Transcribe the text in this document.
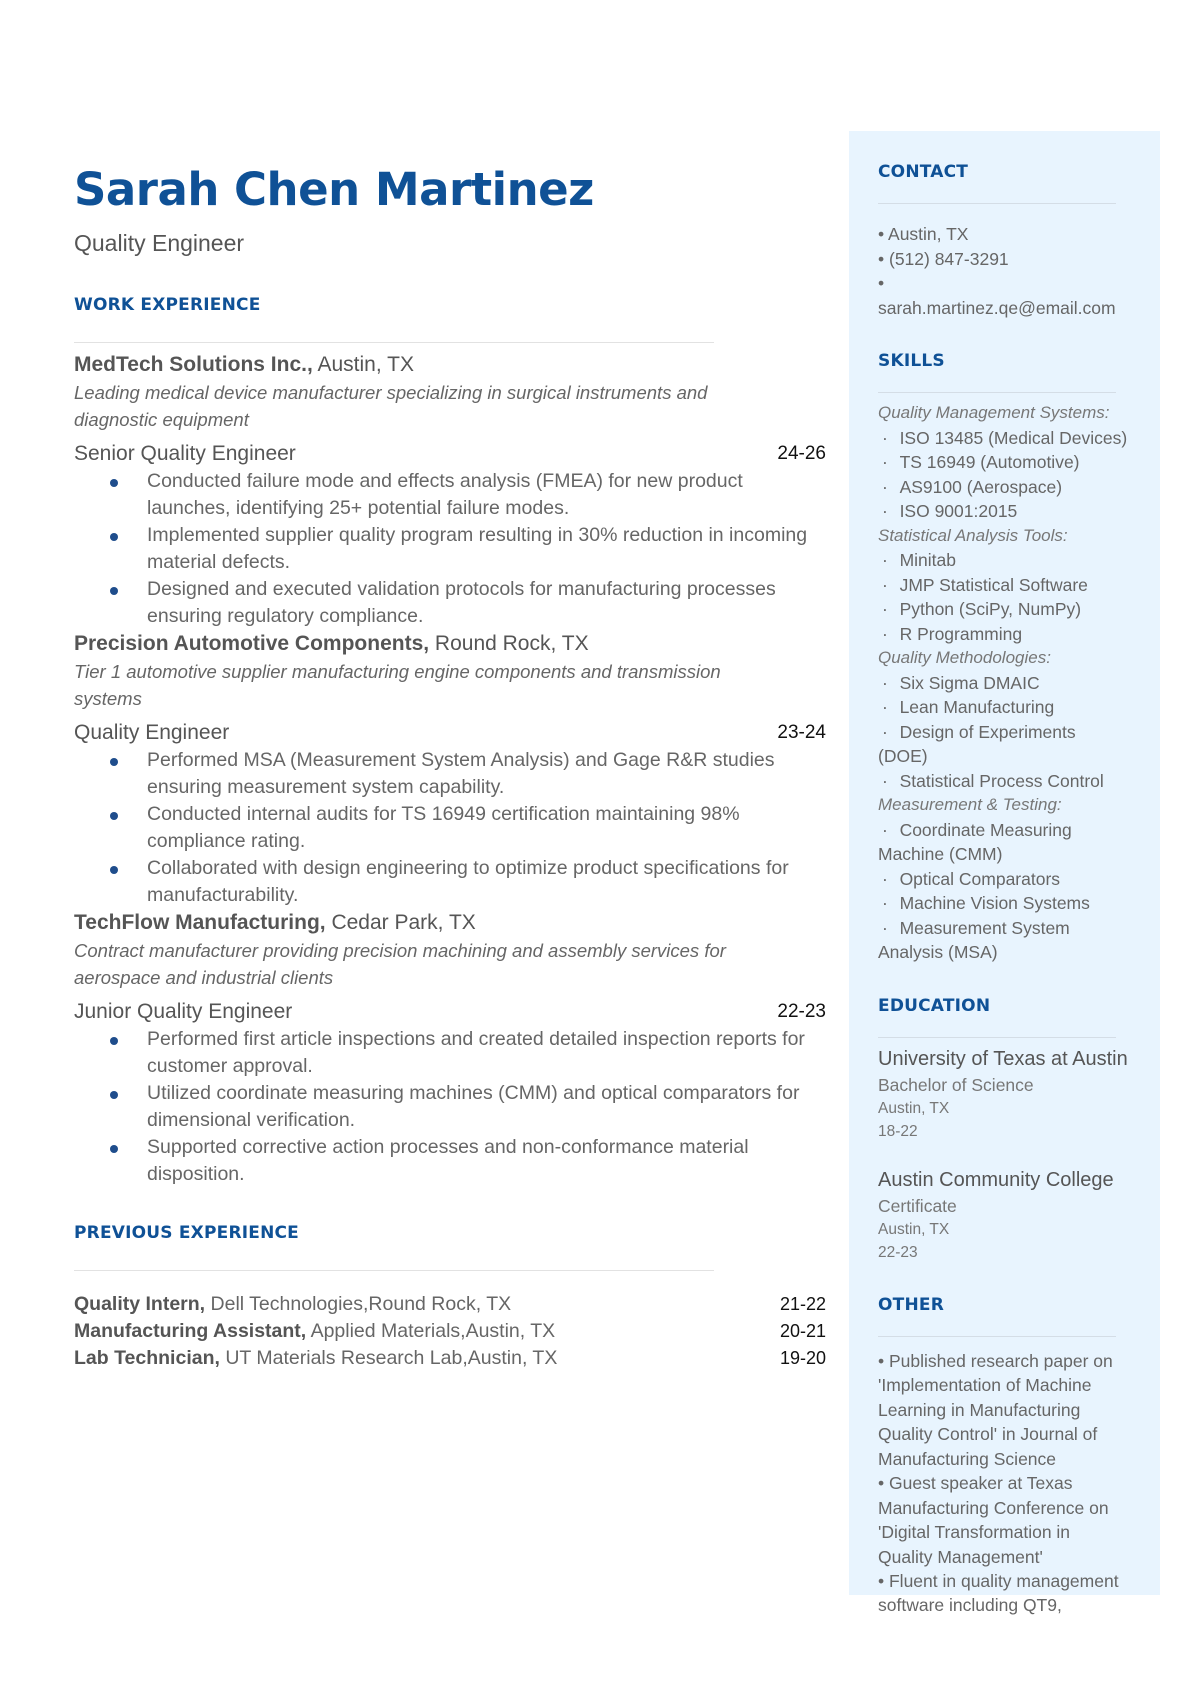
Sarah Chen Martinez
Quality Engineer
WORK EXPERIENCE
MedTech Solutions Inc., Austin, TX
Leading medical device manufacturer specializing in surgical instruments and diagnostic equipment
Senior Quality Engineer	24-26
Conducted failure mode and effects analysis (FMEA) for new product launches, identifying 25+ potential failure modes.
Implemented supplier quality program resulting in 30% reduction in incoming material defects.
Designed and executed validation protocols for manufacturing processes ensuring regulatory compliance.
Precision Automotive Components, Round Rock, TX
Tier 1 automotive supplier manufacturing engine components and transmission systems
Quality Engineer	23-24
Performed MSA (Measurement System Analysis) and Gage R&R studies ensuring measurement system capability.
Conducted internal audits for TS 16949 certification maintaining 98% compliance rating.
Collaborated with design engineering to optimize product specifications for manufacturability.
TechFlow Manufacturing, Cedar Park, TX
Contract manufacturer providing precision machining and assembly services for aerospace and industrial clients
Junior Quality Engineer	22-23
Performed first article inspections and created detailed inspection reports for customer approval.
Utilized coordinate measuring machines (CMM) and optical comparators for dimensional verification.
Supported corrective action processes and non-conformance material disposition.
PREVIOUS EXPERIENCE
Quality Intern, Dell Technologies,Round Rock, TX	21-22
Manufacturing Assistant, Applied Materials,Austin, TX	20-21
Lab Technician, UT Materials Research Lab,Austin, TX	19-20
CONTACT
• Austin, TX
• (512) 847-3291
•
sarah.martinez.qe@email.com
SKILLS
Quality Management Systems:
·  ISO 13485 (Medical Devices)
·  TS 16949 (Automotive)
·  AS9100 (Aerospace)
·  ISO 9001:2015
Statistical Analysis Tools:
·  Minitab
·  JMP Statistical Software
·  Python (SciPy, NumPy)
·  R Programming
Quality Methodologies:
·  Six Sigma DMAIC
·  Lean Manufacturing
·  Design of Experiments (DOE)
·  Statistical Process Control
Measurement & Testing:
·  Coordinate Measuring Machine (CMM)
·  Optical Comparators
·  Machine Vision Systems
·  Measurement System Analysis (MSA)
EDUCATION
University of Texas at Austin
Bachelor of Science
Austin, TX
18-22
Austin Community College
Certificate
Austin, TX
22-23
OTHER
• Published research paper on 'Implementation of Machine Learning in Manufacturing Quality Control' in Journal of Manufacturing Science
• Guest speaker at Texas Manufacturing Conference on 'Digital Transformation in Quality Management'
• Fluent in quality management
software including QT9,
